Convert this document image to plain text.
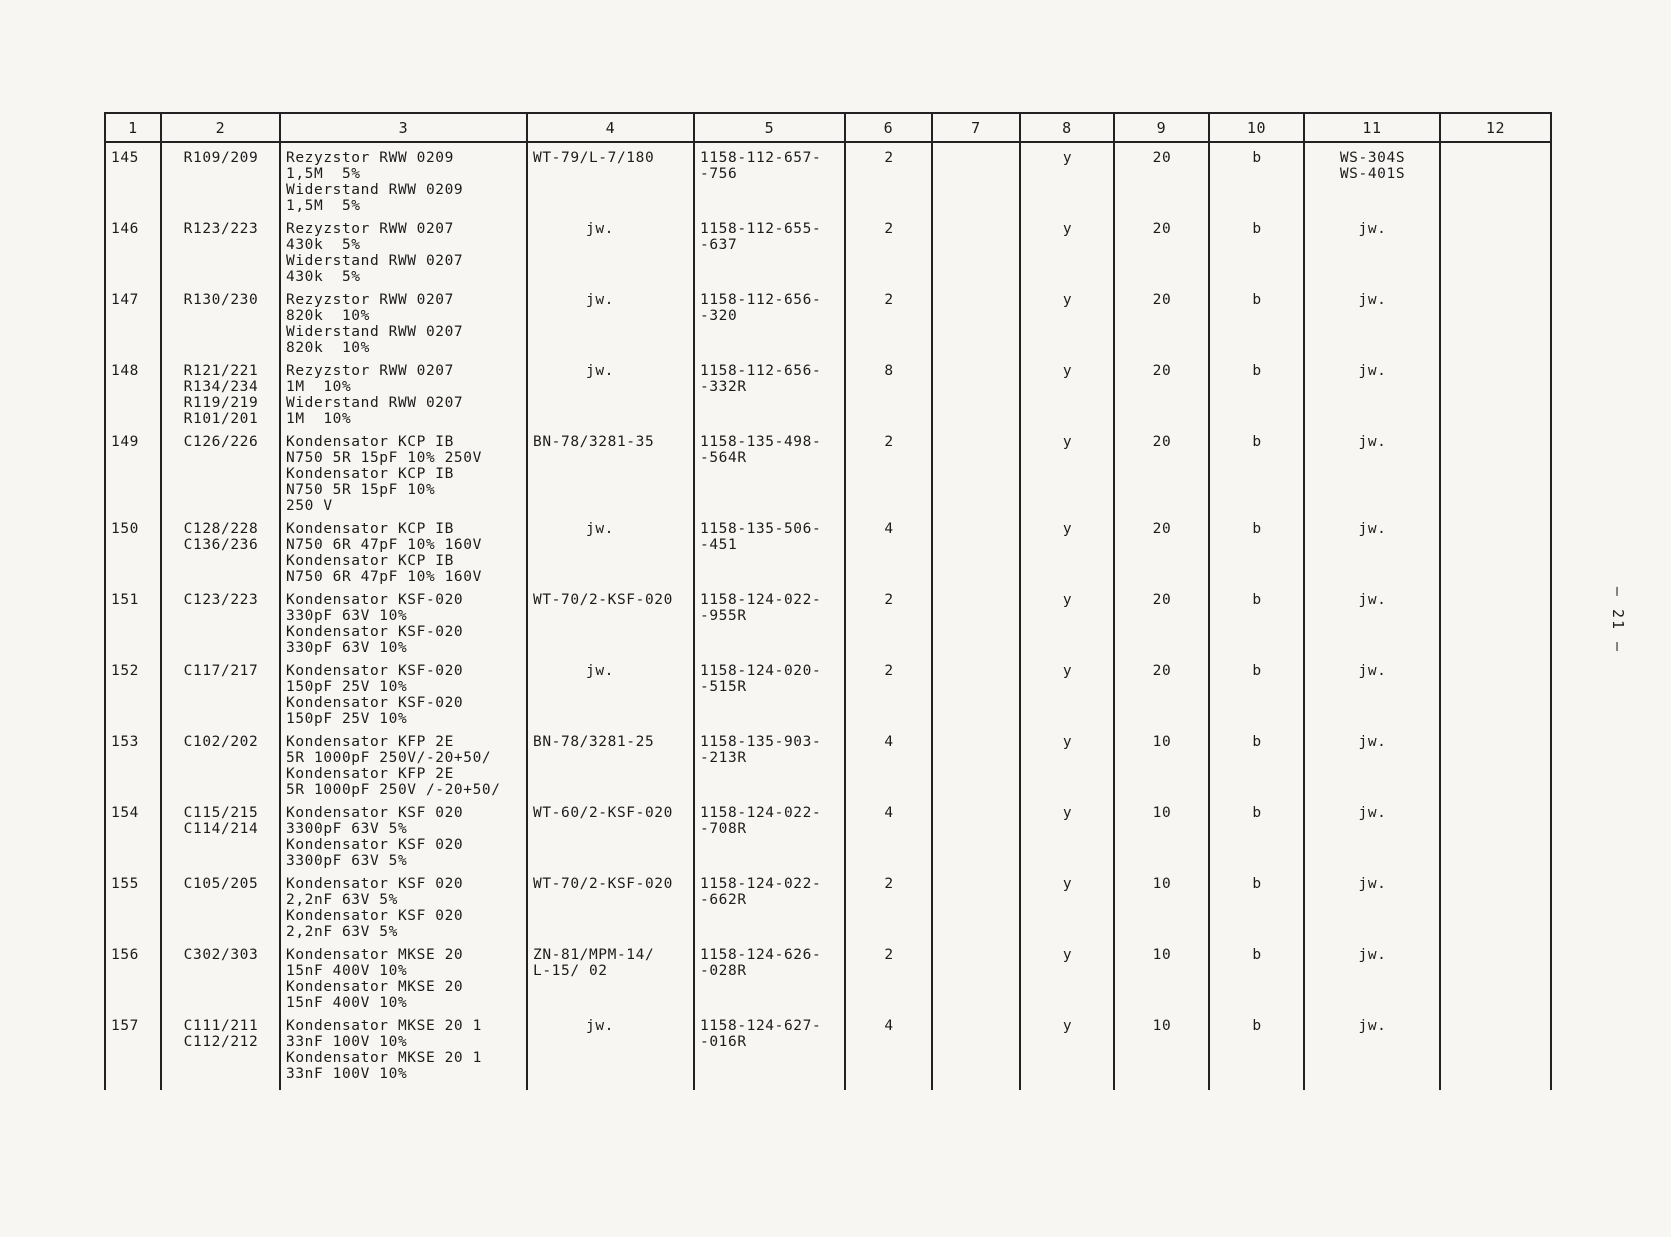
1	2	3	4	5	6	7	8	9	10	11	12
145	R109/209	Rezyzstor RWW 0209
1,5M  5%
Widerstand RWW 0209
1,5M  5%	WT-79/L-7/180	1158-112-657-
-756	2		y	20	b	WS-304S
WS-401S	
146	R123/223	Rezyzstor RWW 0207
430k  5%
Widerstand RWW 0207
430k  5%	jw.	1158-112-655-
-637	2		y	20	b	jw.	
147	R130/230	Rezyzstor RWW 0207
820k  10%
Widerstand RWW 0207
820k  10%	jw.	1158-112-656-
-320	2		y	20	b	jw.	
148	R121/221
R134/234
R119/219
R101/201	Rezyzstor RWW 0207
1M  10%
Widerstand RWW 0207
1M  10%	jw.	1158-112-656-
-332R	8		y	20	b	jw.	
149	C126/226	Kondensator KCP IB
N750 5R 15pF 10% 250V
Kondensator KCP IB
N750 5R 15pF 10%
250 V	BN-78/3281-35	1158-135-498-
-564R	2		y	20	b	jw.	
150	C128/228
C136/236	Kondensator KCP IB
N750 6R 47pF 10% 160V
Kondensator KCP IB
N750 6R 47pF 10% 160V	jw.	1158-135-506-
-451	4		y	20	b	jw.	
151	C123/223	Kondensator KSF-020
330pF 63V 10%
Kondensator KSF-020
330pF 63V 10%	WT-70/2-KSF-020	1158-124-022-
-955R	2		y	20	b	jw.	
152	C117/217	Kondensator KSF-020
150pF 25V 10%
Kondensator KSF-020
150pF 25V 10%	jw.	1158-124-020-
-515R	2		y	20	b	jw.	
153	C102/202	Kondensator KFP 2E
5R 1000pF 250V/-20+50/
Kondensator KFP 2E
5R 1000pF 250V /-20+50/	BN-78/3281-25	1158-135-903-
-213R	4		y	10	b	jw.	
154	C115/215
C114/214	Kondensator KSF 020
3300pF 63V 5%
Kondensator KSF 020
3300pF 63V 5%	WT-60/2-KSF-020	1158-124-022-
-708R	4		y	10	b	jw.	
155	C105/205	Kondensator KSF 020
2,2nF 63V 5%
Kondensator KSF 020
2,2nF 63V 5%	WT-70/2-KSF-020	1158-124-022-
-662R	2		y	10	b	jw.	
156	C302/303	Kondensator MKSE 20
15nF 400V 10%
Kondensator MKSE 20
15nF 400V 10%	ZN-81/MPM-14/
L-15/ 02	1158-124-626-
-028R	2		y	10	b	jw.	
157	C111/211
C112/212	Kondensator MKSE 20 1
33nF 100V 10%
Kondensator MKSE 20 1
33nF 100V 10%	jw.	1158-124-627-
-016R	4		y	10	b	jw.	
— 21 —
